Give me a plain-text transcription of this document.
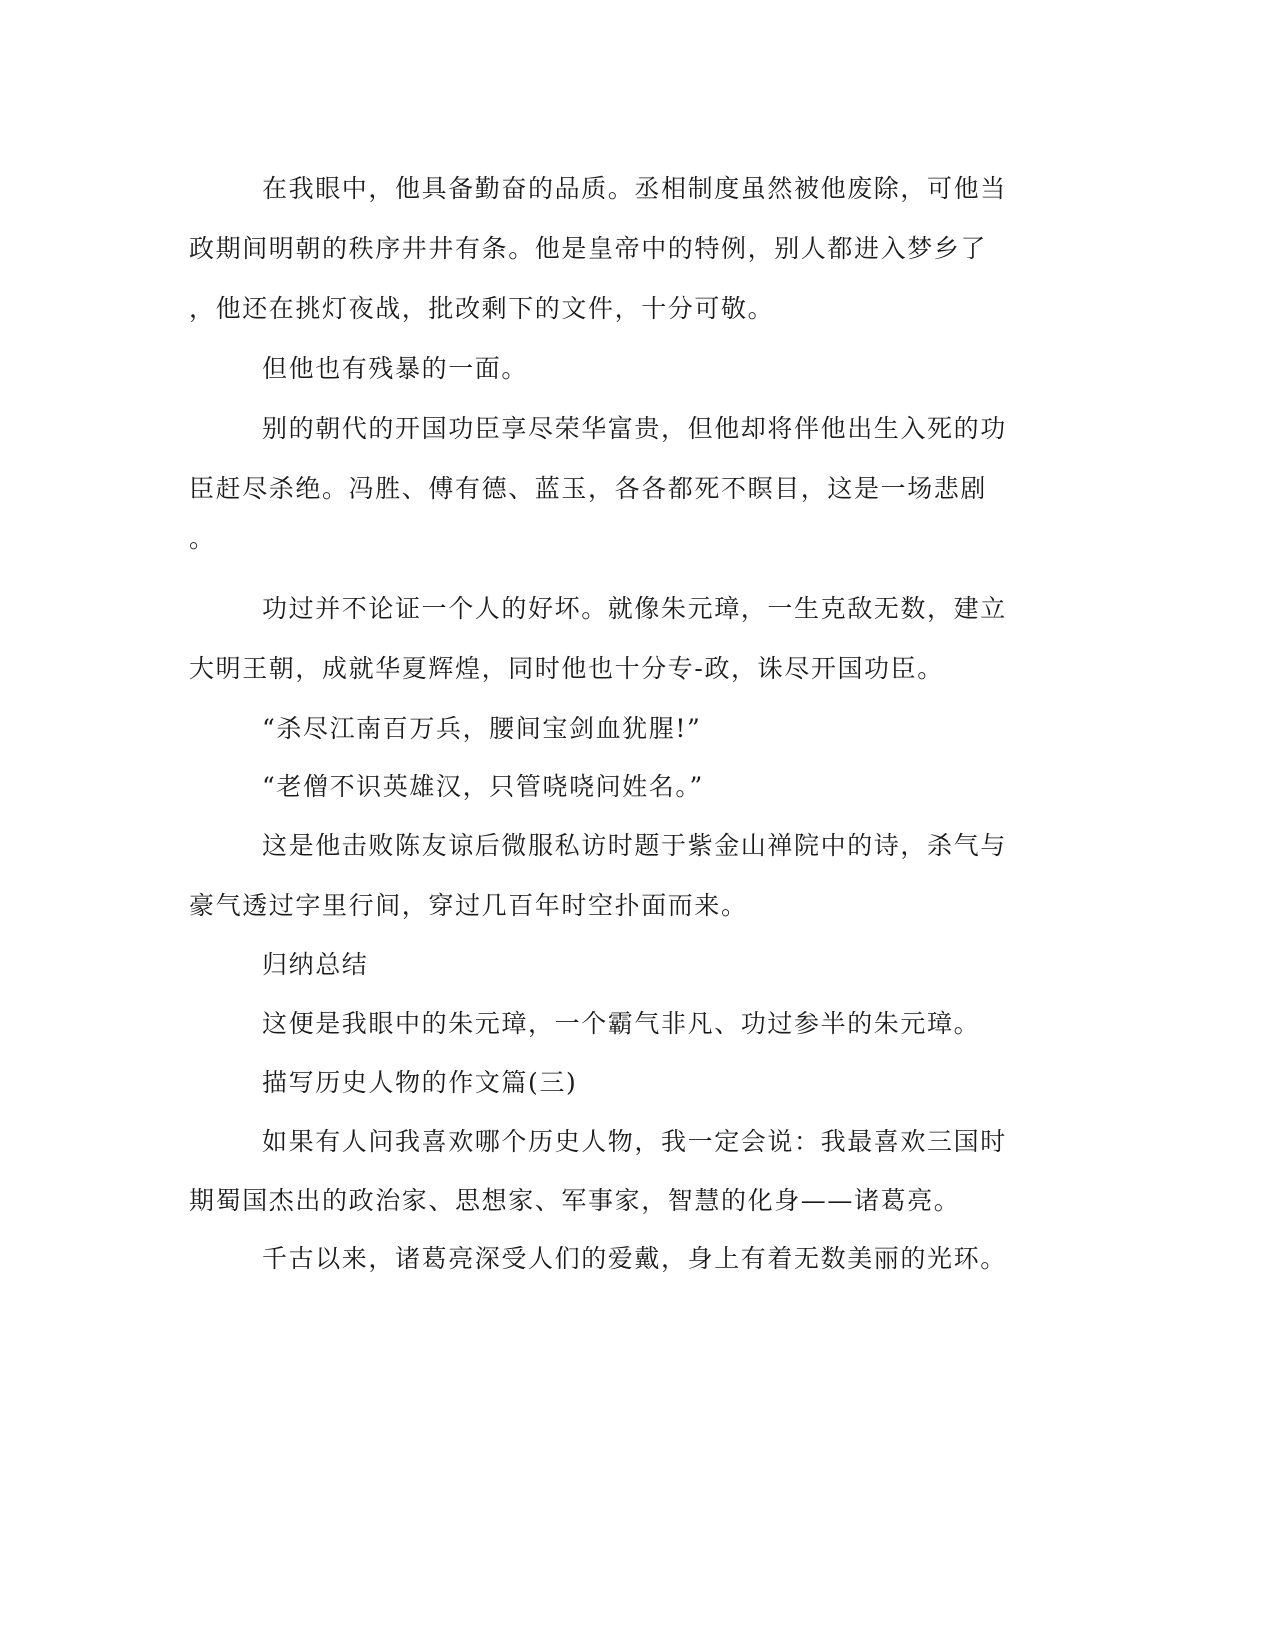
在我眼中，他具备勤奋的品质。丞相制度虽然被他废除，可他当

政期间明朝的秩序井井有条。他是皇帝中的特例，别人都进入梦乡了

，他还在挑灯夜战，批改剩下的文件，十分可敬。

但他也有残暴的一面。

别的朝代的开国功臣享尽荣华富贵，但他却将伴他出生入死的功

臣赶尽杀绝。冯胜、傅有德、蓝玉，各各都死不瞑目，这是一场悲剧

。

功过并不论证一个人的好坏。就像朱元璋，一生克敌无数，建立

大明王朝，成就华夏辉煌，同时他也十分专-政，诛尽开国功臣。

“杀尽江南百万兵，腰间宝剑血犹腥!”

“老僧不识英雄汉，只管哓哓问姓名。”

这是他击败陈友谅后微服私访时题于紫金山禅院中的诗，杀气与

豪气透过字里行间，穿过几百年时空扑面而来。

归纳总结

这便是我眼中的朱元璋，一个霸气非凡、功过参半的朱元璋。

描写历史人物的作文篇(三)

如果有人问我喜欢哪个历史人物，我一定会说：我最喜欢三国时

期蜀国杰出的政治家、思想家、军事家，智慧的化身——诸葛亮。

千古以来，诸葛亮深受人们的爱戴，身上有着无数美丽的光环。
